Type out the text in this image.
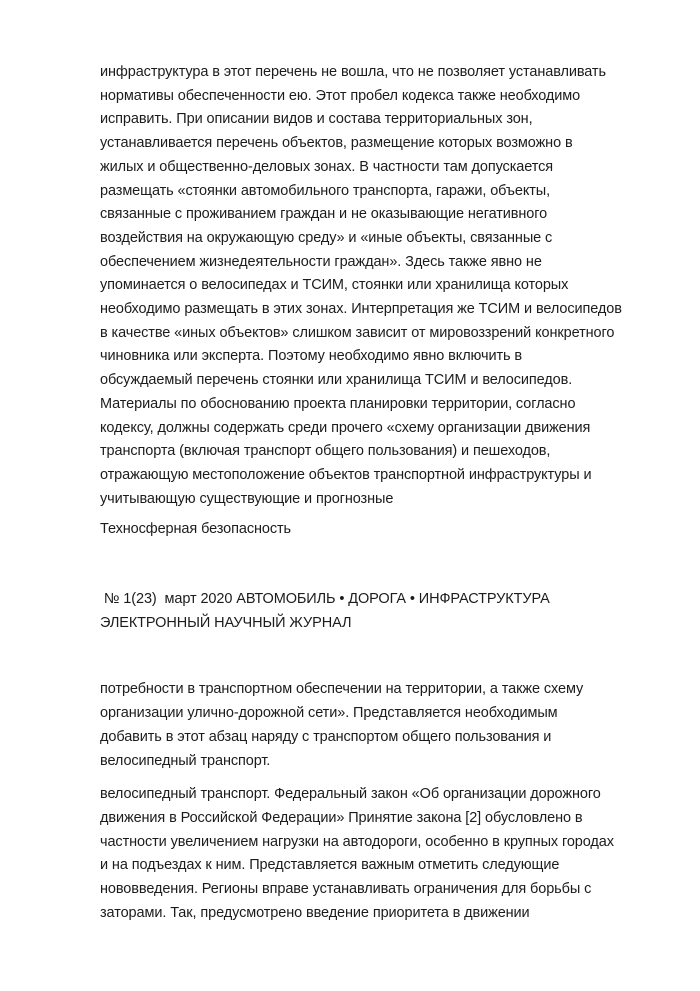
инфраструктура в этот перечень не вошла, что не позволяет устанавливать
нормативы обеспеченности ею. Этот пробел кодекса также необходимо
исправить. При описании видов и состава территориальных зон,
устанавливается перечень объектов, размещение которых возможно в
жилых и общественно-деловых зонах. В частности там допускается
размещать «стоянки автомобильного транспорта, гаражи, объекты,
связанные с проживанием граждан и не оказывающие негативного
воздействия на окружающую среду» и «иные объекты, связанные с
обеспечением жизнедеятельности граждан». Здесь также явно не
упоминается о велосипедах и ТСИМ, стоянки или хранилища которых
необходимо размещать в этих зонах. Интерпретация же ТСИМ и велосипедов
в качестве «иных объектов» слишком зависит от мировоззрений конкретного
чиновника или эксперта. Поэтому необходимо явно включить в
обсуждаемый перечень стоянки или хранилища ТСИМ и велосипедов.
Материалы по обоснованию проекта планировки территории, согласно
кодексу, должны содержать среди прочего «схему организации движения
транспорта (включая транспорт общего пользования) и пешеходов,
отражающую местоположение объектов транспортной инфраструктуры и
учитывающую существующие и прогнозные
Техносферная безопасность
№ 1(23)  март 2020 АВТОМОБИЛЬ • ДОРОГА • ИНФРАСТРУКТУРА
ЭЛЕКТРОННЫЙ НАУЧНЫЙ ЖУРНАЛ
потребности в транспортном обеспечении на территории, а также схему
организации улично-дорожной сети». Представляется необходимым
добавить в этот абзац наряду с транспортом общего пользования и
велосипедный транспорт.
велосипедный транспорт. Федеральный закон «Об организации дорожного
движения в Российской Федерации» Принятие закона [2] обусловлено в
частности увеличением нагрузки на автодороги, особенно в крупных городах
и на подъездах к ним. Представляется важным отметить следующие
нововведения. Регионы вправе устанавливать ограничения для борьбы с
заторами. Так, предусмотрено введение приоритета в движении
